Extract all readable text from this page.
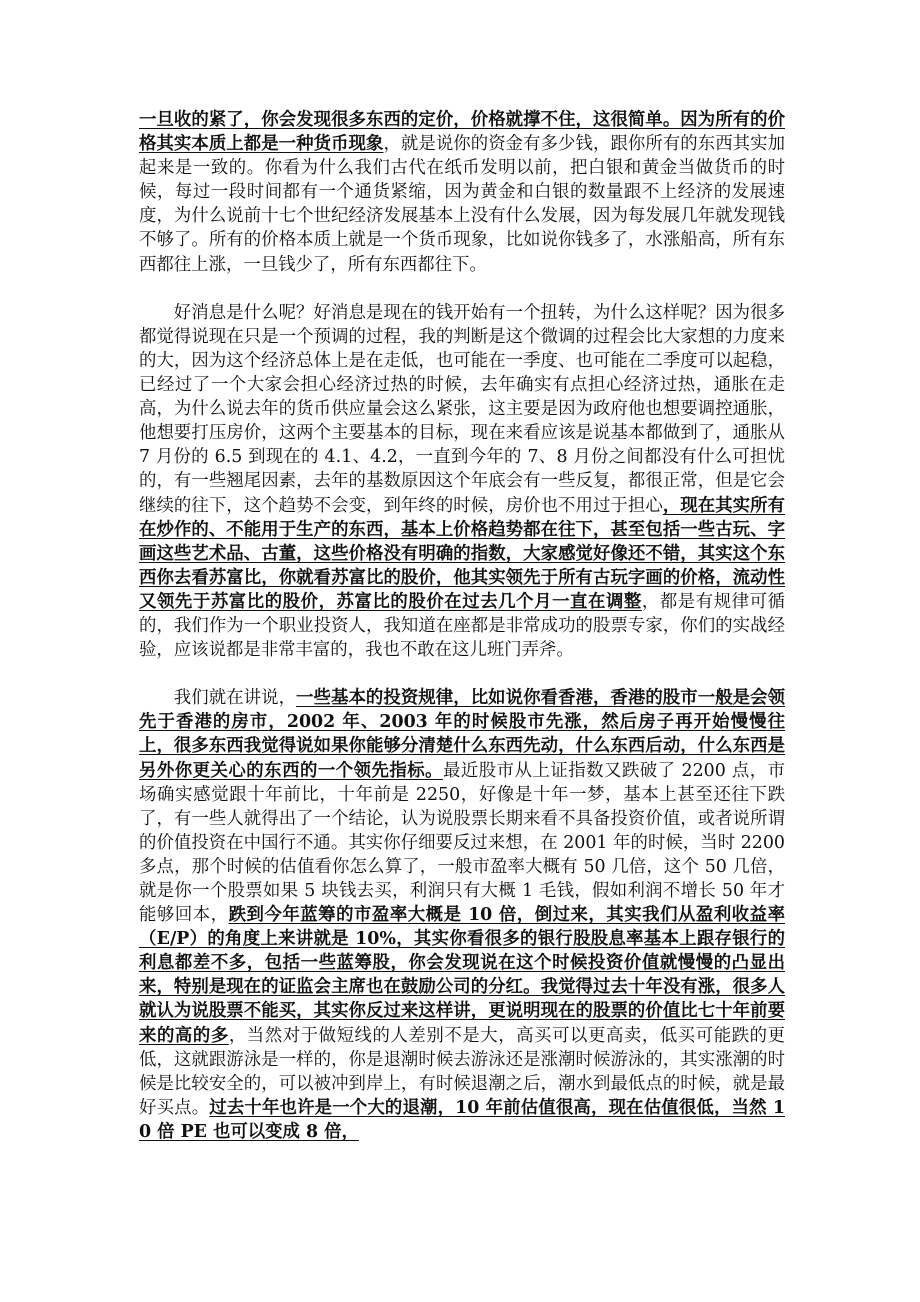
一旦收的紧了，你会发现很多东西的定价，价格就撑不住，这很简单。因为所有的价格其实本质上都是一种货币现象，就是说你的资金有多少钱，跟你所有的东西其实加起来是一致的。你看为什么我们古代在纸币发明以前，把白银和黄金当做货币的时候，每过一段时间都有一个通货紧缩，因为黄金和白银的数量跟不上经济的发展速度，为什么说前十七个世纪经济发展基本上没有什么发展，因为每发展几年就发现钱不够了。所有的价格本质上就是一个货币现象，比如说你钱多了，水涨船高，所有东西都往上涨，一旦钱少了，所有东西都往下。

好消息是什么呢？好消息是现在的钱开始有一个扭转，为什么这样呢？因为很多都觉得说现在只是一个预调的过程，我的判断是这个微调的过程会比大家想的力度来的大，因为这个经济总体上是在走低，也可能在一季度、也可能在二季度可以起稳，已经过了一个大家会担心经济过热的时候，去年确实有点担心经济过热，通胀在走高，为什么说去年的货币供应量会这么紧张，这主要是因为政府他也想要调控通胀，他想要打压房价，这两个主要基本的目标，现在来看应该是说基本都做到了，通胀从 7 月份的 6.5 到现在的 4.1、4.2，一直到今年的 7、8 月份之间都没有什么可担忧的，有一些翘尾因素，去年的基数原因这个年底会有一些反复，都很正常，但是它会继续的往下，这个趋势不会变，到年终的时候，房价也不用过于担心，现在其实所有在炒作的、不能用于生产的东西，基本上价格趋势都在往下，甚至包括一些古玩、字画这些艺术品、古董，这些价格没有明确的指数，大家感觉好像还不错，其实这个东西你去看苏富比，你就看苏富比的股价，他其实领先于所有古玩字画的价格，流动性又领先于苏富比的股价，苏富比的股价在过去几个月一直在调整，都是有规律可循的，我们作为一个职业投资人，我知道在座都是非常成功的股票专家，你们的实战经验，应该说都是非常丰富的，我也不敢在这儿班门弄斧。

我们就在讲说，一些基本的投资规律，比如说你看香港，香港的股市一般是会领先于香港的房市，2002 年、2003 年的时候股市先涨，然后房子再开始慢慢往上，很多东西我觉得说如果你能够分清楚什么东西先动，什么东西后动，什么东西是另外你更关心的东西的一个领先指标。最近股市从上证指数又跌破了 2200 点，市场确实感觉跟十年前比，十年前是 2250，好像是十年一梦，基本上甚至还往下跌了，有一些人就得出了一个结论，认为说股票长期来看不具备投资价值，或者说所谓的价值投资在中国行不通。其实你仔细要反过来想，在 2001 年的时候，当时 2200 多点，那个时候的估值看你怎么算了，一般市盈率大概有 50 几倍，这个 50 几倍，就是你一个股票如果 5 块钱去买，利润只有大概 1 毛钱，假如利润不增长 50 年才能够回本，跌到今年蓝筹的市盈率大概是 10 倍，倒过来，其实我们从盈利收益率（E/P）的角度上来讲就是 10%，其实你看很多的银行股股息率基本上跟存银行的利息都差不多，包括一些蓝筹股，你会发现说在这个时候投资价值就慢慢的凸显出来，特别是现在的证监会主席也在鼓励公司的分红。我觉得过去十年没有涨，很多人就认为说股票不能买，其实你反过来这样讲，更说明现在的股票的价值比七十年前要来的高的多，当然对于做短线的人差别不是大，高买可以更高卖，低买可能跌的更低，这就跟游泳是一样的，你是退潮时候去游泳还是涨潮时候游泳的，其实涨潮的时候是比较安全的，可以被冲到岸上，有时候退潮之后，潮水到最低点的时候，就是最好买点。过去十年也许是一个大的退潮，10 年前估值很高，现在估值很低，当然 10 倍 PE 也可以变成 8 倍，
